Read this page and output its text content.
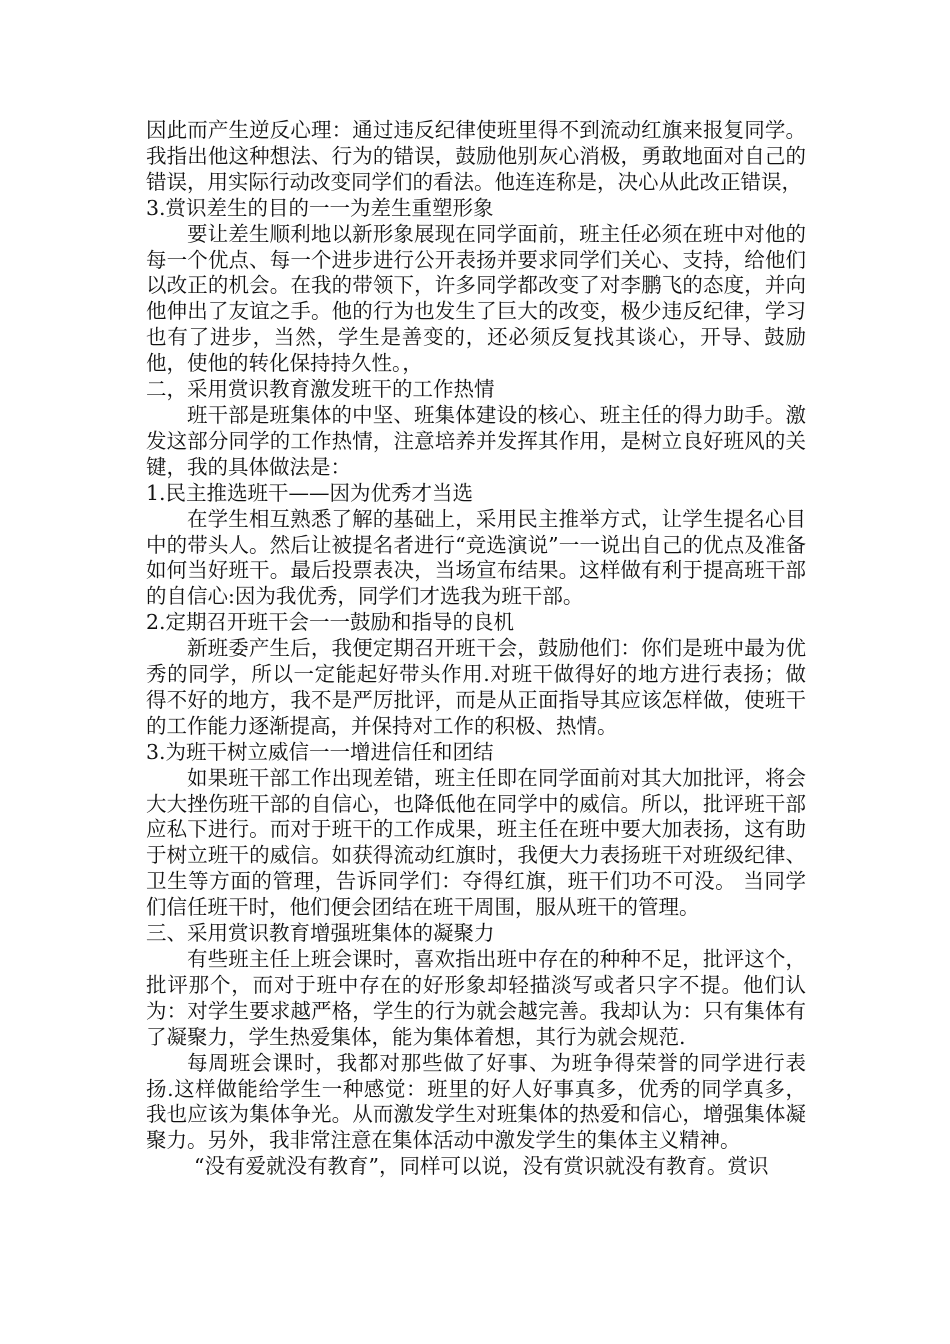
因此而产生逆反心理：通过违反纪律使班里得不到流动红旗来报复同学。我指出他这种想法、行为的错误，鼓励他别灰心消极，勇敢地面对自己的错误，用实际行动改变同学们的看法。他连连称是，决心从此改正错误，

3.赏识差生的目的一一为差生重塑形象

要让差生顺利地以新形象展现在同学面前，班主任必须在班中对他的每一个优点、每一个进步进行公开表扬并要求同学们关心、支持，给他们以改正的机会。在我的带领下，许多同学都改变了对李鹏飞的态度，并向他伸出了友谊之手。他的行为也发生了巨大的改变，极少违反纪律，学习也有了进步，当然，学生是善变的，还必须反复找其谈心，开导、鼓励他，使他的转化保持持久性。，

二，采用赏识教育激发班干的工作热情

班干部是班集体的中坚、班集体建设的核心、班主任的得力助手。激发这部分同学的工作热情，注意培养并发挥其作用，是树立良好班风的关键，我的具体做法是：

1.民主推选班干——因为优秀才当选

在学生相互熟悉了解的基础上，采用民主推举方式，让学生提名心目中的带头人。然后让被提名者进行“竞选演说”一一说出自己的优点及准备如何当好班干。最后投票表决，当场宣布结果。这样做有利于提高班干部的自信心:因为我优秀，同学们才选我为班干部。

2.定期召开班干会一一鼓励和指导的良机

新班委产生后，我便定期召开班干会，鼓励他们：你们是班中最为优秀的同学，所以一定能起好带头作用.对班干做得好的地方进行表扬；做得不好的地方，我不是严厉批评，而是从正面指导其应该怎样做，使班干的工作能力逐渐提高，并保持对工作的积极、热情。

3.为班干树立威信一一增进信任和团结

如果班干部工作出现差错，班主任即在同学面前对其大加批评，将会大大挫伤班干部的自信心，也降低他在同学中的威信。所以，批评班干部应私下进行。而对于班干的工作成果，班主任在班中要大加表扬，这有助于树立班干的威信。如获得流动红旗时，我便大力表扬班干对班级纪律、卫生等方面的管理，告诉同学们：夺得红旗，班干们功不可没。 当同学们信任班干时，他们便会团结在班干周围，服从班干的管理。

三、采用赏识教育增强班集体的凝聚力

有些班主任上班会课时，喜欢指出班中存在的种种不足，批评这个，批评那个，而对于班中存在的好形象却轻描淡写或者只字不提。他们认为：对学生要求越严格，学生的行为就会越完善。我却认为：只有集体有了凝聚力，学生热爱集体，能为集体着想，其行为就会规范.

每周班会课时，我都对那些做了好事、为班争得荣誉的同学进行表扬.这样做能给学生一种感觉：班里的好人好事真多，优秀的同学真多，我也应该为集体争光。从而激发学生对班集体的热爱和信心，增强集体凝聚力。另外，我非常注意在集体活动中激发学生的集体主义精神。

“没有爱就没有教育”，同样可以说，没有赏识就没有教育。赏识
